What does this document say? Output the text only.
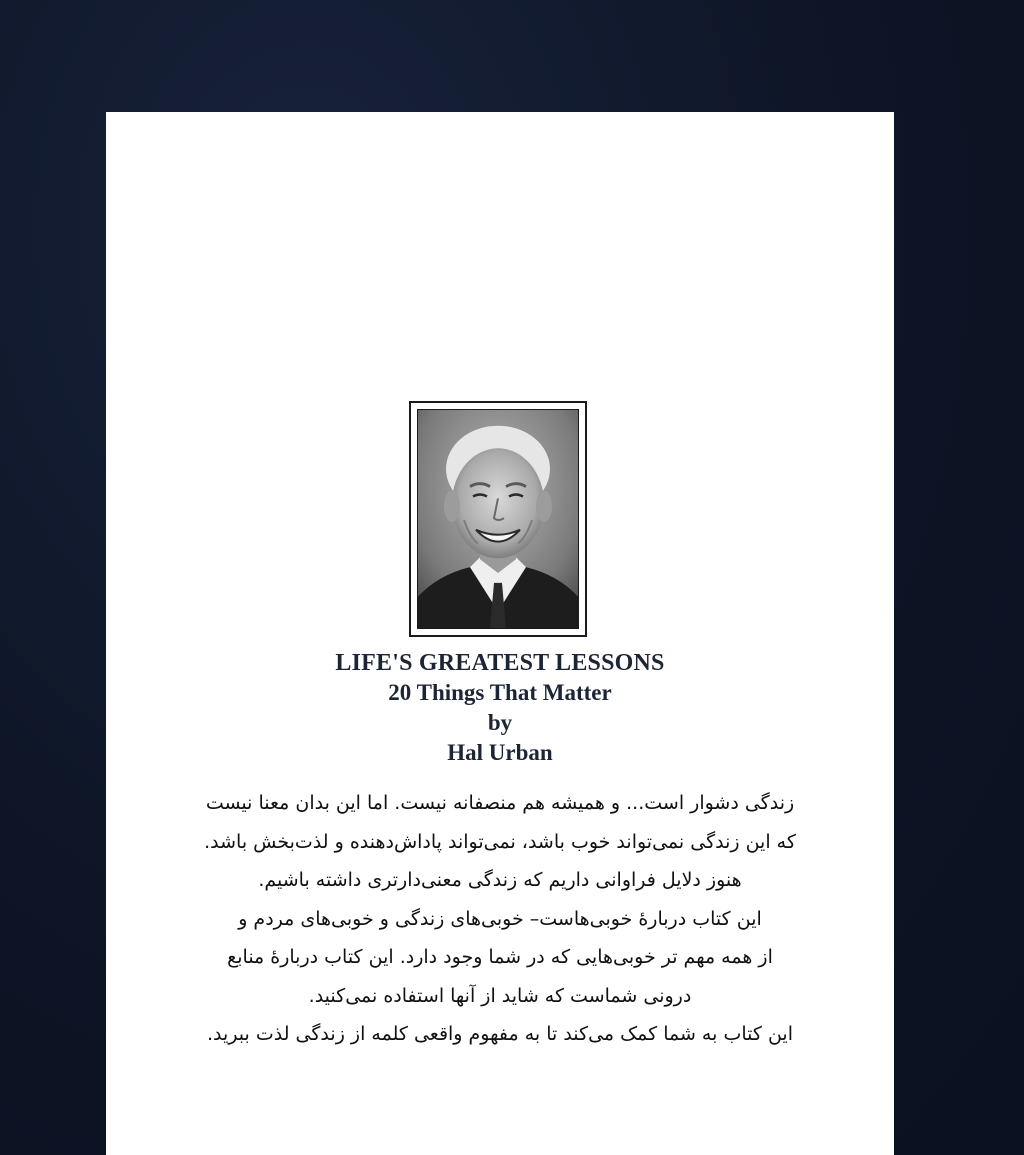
LIFE'S GREATEST LESSONS

20 Things That Matter

by

Hal Urban

زندگی دشوار است... و همیشه هم منصفانه نیست. اما این بدان معنا نیست

که این زندگی نمی‌تواند خوب باشد، نمی‌تواند پاداش‌دهنده و لذت‌بخش باشد.

هنوز دلایل فراوانی داریم که زندگی معنی‌دارتری داشته باشیم.

این کتاب دربارهٔ خوبی‌هاست– خوبی‌های زندگی و خوبی‌های مردم و

از همه مهم تر خوبی‌هایی که در شما وجود دارد. این کتاب دربارهٔ منابع

درونی شماست که شاید از آنها استفاده نمی‌کنید.

این کتاب به شما کمک می‌کند تا به مفهوم واقعی کلمه از زندگی لذت ببرید.
